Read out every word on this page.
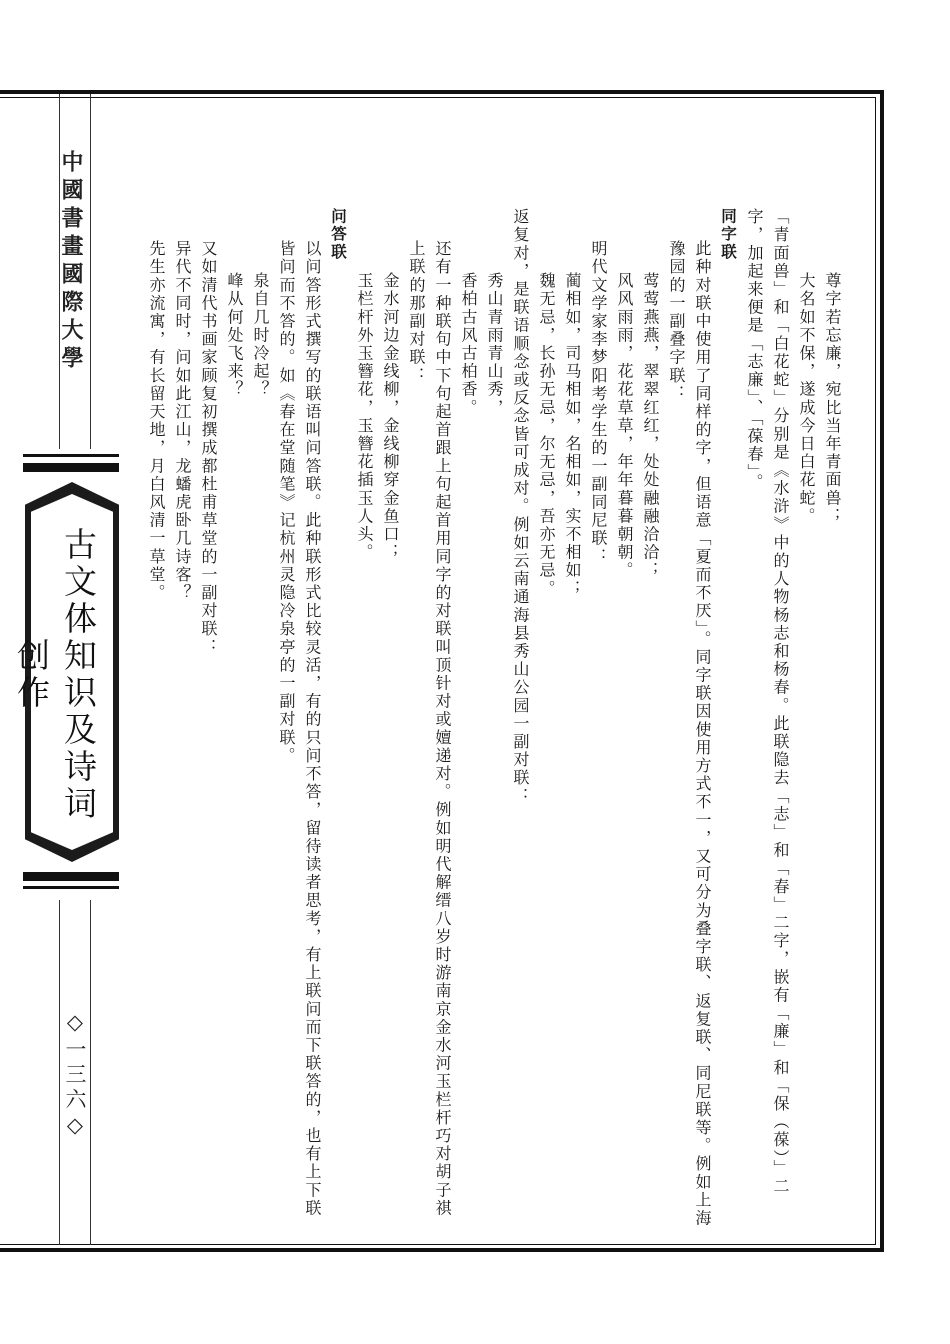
中國書畫國際大學
古文体知识及诗词创作
◇一三六◇

尊字若忘廉，宛比当年青面兽；

大名如不保，遂成今日白花蛇。

「青面兽」和「白花蛇」分别是《水浒》中的人物杨志和杨春。此联隐去「志」和「春」二字，嵌有「廉」和「保（葆）」二字，加起来便是「志廉」、「葆春」。

同字联

此种对联中使用了同样的字，但语意「夏而不厌」。同字联因使用方式不一，又可分为叠字联、返复联、同尼联等。例如上海豫园的一副叠字联：

莺莺燕燕，翠翠红红，处处融融洽洽；

风风雨雨，花花草草，年年暮暮朝朝。

明代文学家李梦阳考学生的一副同尼联：

蔺相如，司马相如，名相如，实不相如；

魏无忌，长孙无忌，尔无忌，吾亦无忌。

返复对，是联语顺念或反念皆可成对。例如云南通海县秀山公园一副对联：

秀山青雨青山秀，

香柏古风古柏香。

还有一种联句中下句起首跟上句起首用同字的对联叫顶针对或嬗递对。例如明代解缙八岁时游南京金水河玉栏杆巧对胡子祺上联的那副对联：

金水河边金线柳，金线柳穿金鱼口；

玉栏杆外玉簪花，玉簪花插玉人头。

问答联

以问答形式撰写的联语叫问答联。此种联形式比较灵活，有的只问不答，留待读者思考，有上联问而下联答的，也有上下联皆问而不答的。如《春在堂随笔》记杭州灵隐冷泉亭的一副对联。

泉自几时冷起？

峰从何处飞来？

又如清代书画家顾复初撰成都杜甫草堂的一副对联：

异代不同时，问如此江山，龙蟠虎卧几诗客？

先生亦流寓，有长留天地，月白风清一草堂。
